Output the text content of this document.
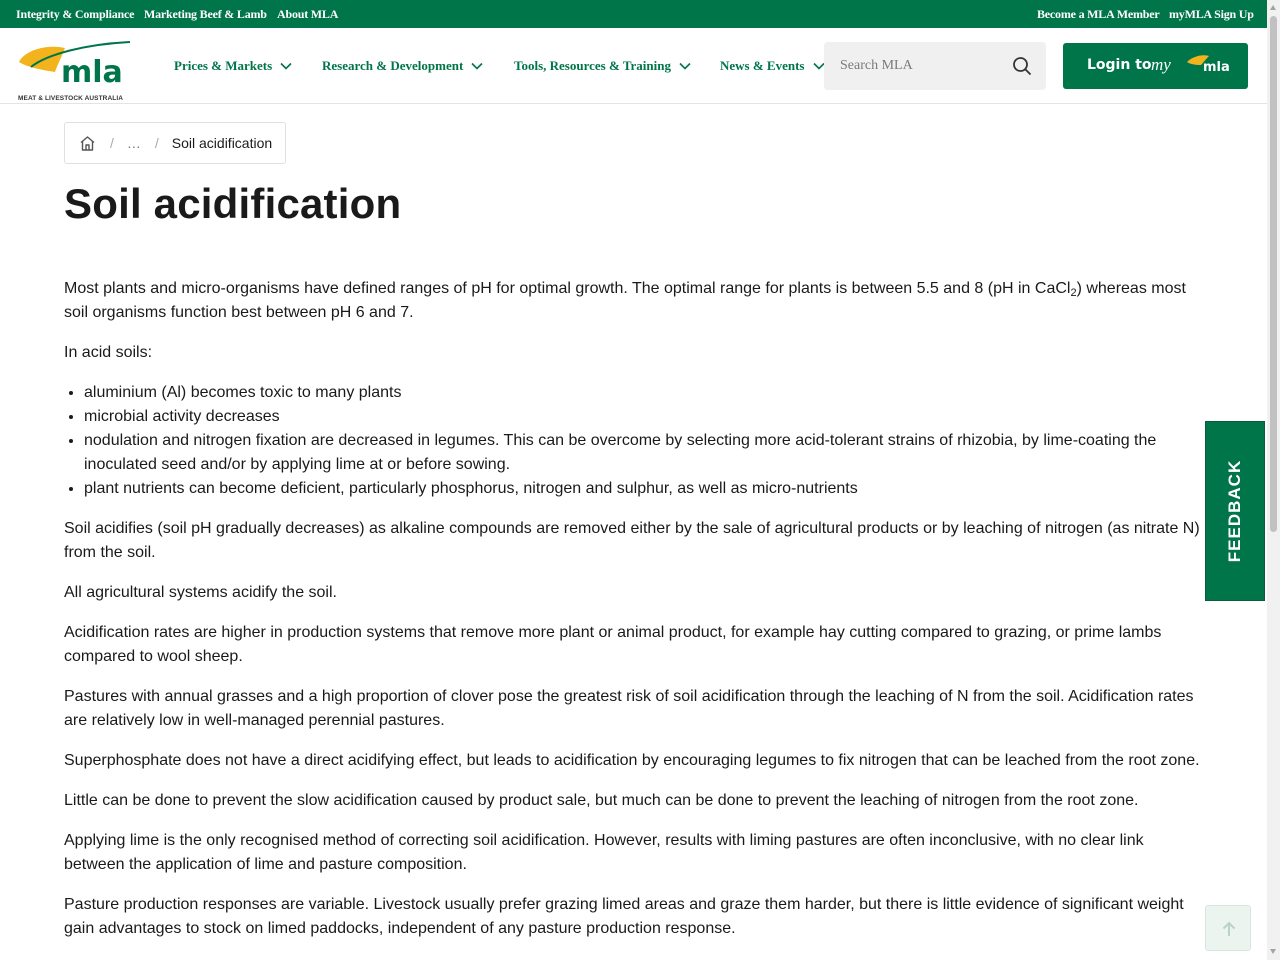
Integrity & Compliance Marketing Beef & Lamb About MLA	Become a MLA Member myMLA Sign Up
mla
MEAT & LIVESTOCK AUSTRALIA
Prices & Markets	Research & Development	Tools, Resources & Training	News & Events
Search MLA	Login to	mla
my
/ … / Soil acidification
Soil acidification

Most plants and micro-organisms have defined ranges of pH for optimal growth. The optimal range for plants is between 5.5 and 8 (pH in CaCl$_2$) whereas most soil organisms function best between pH 6 and 7.

In acid soils:

• aluminium (Al) becomes toxic to many plants
• microbial activity decreases
• nodulation and nitrogen fixation are decreased in legumes. This can be overcome by selecting more acid-tolerant strains of rhizobia, by lime-coating the inoculated seed and/or by applying lime at or before sowing.
• plant nutrients can become deficient, particularly phosphorus, nitrogen and sulphur, as well as micro-nutrients

Soil acidifies (soil pH gradually decreases) as alkaline compounds are removed either by the sale of agricultural products or by leaching of nitrogen (as nitrate N) from the soil.

All agricultural systems acidify the soil.

Acidification rates are higher in production systems that remove more plant or animal product, for example hay cutting compared to grazing, or prime lambs compared to wool sheep.

Pastures with annual grasses and a high proportion of clover pose the greatest risk of soil acidification through the leaching of N from the soil. Acidification rates are relatively low in well-managed perennial pastures.

Superphosphate does not have a direct acidifying effect, but leads to acidification by encouraging legumes to fix nitrogen that can be leached from the root zone.

Little can be done to prevent the slow acidification caused by product sale, but much can be done to prevent the leaching of nitrogen from the root zone.

Applying lime is the only recognised method of correcting soil acidification. However, results with liming pastures are often inconclusive, with no clear link between the application of lime and pasture composition.

Pasture production responses are variable. Livestock usually prefer grazing limed areas and graze them harder, but there is little evidence of significant weight gain advantages to stock on limed paddocks, independent of any pasture production response.

FEEDBACK
